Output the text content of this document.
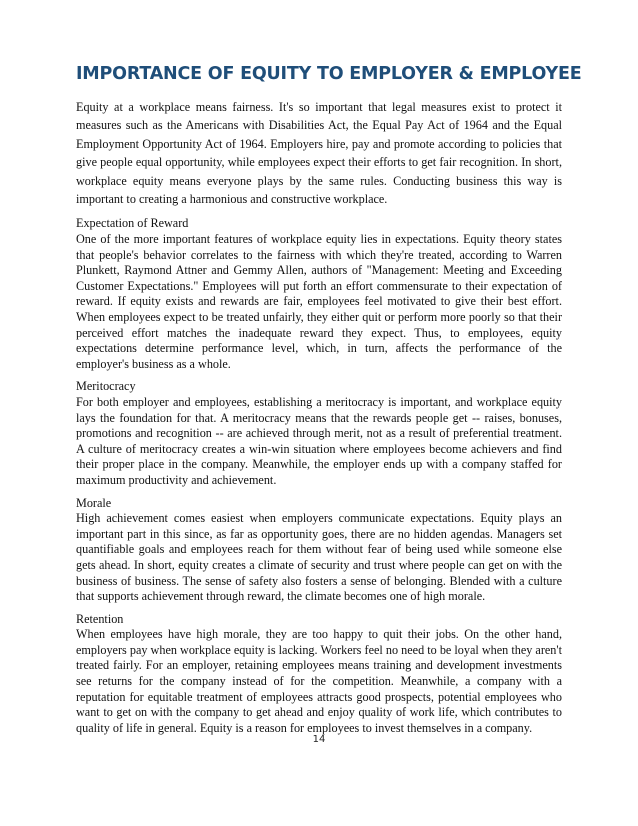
IMPORTANCE OF EQUITY TO EMPLOYER & EMPLOYEE

Equity at a workplace means fairness. It's so important that legal measures exist to protect it measures such as the Americans with Disabilities Act, the Equal Pay Act of 1964 and the Equal Employment Opportunity Act of 1964. Employers hire, pay and promote according to policies that give people equal opportunity, while employees expect their efforts to get fair recognition. In short, workplace equity means everyone plays by the same rules. Conducting business this way is important to creating a harmonious and constructive workplace.

Expectation of Reward

One of the more important features of workplace equity lies in expectations. Equity theory states that people's behavior correlates to the fairness with which they're treated, according to Warren Plunkett, Raymond Attner and Gemmy Allen, authors of "Management: Meeting and Exceeding Customer Expectations." Employees will put forth an effort commensurate to their expectation of reward. If equity exists and rewards are fair, employees feel motivated to give their best effort. When employees expect to be treated unfairly, they either quit or perform more poorly so that their perceived effort matches the inadequate reward they expect. Thus, to employees, equity expectations determine performance level, which, in turn, affects the performance of the employer's business as a whole.

Meritocracy

For both employer and employees, establishing a meritocracy is important, and workplace equity lays the foundation for that. A meritocracy means that the rewards people get -- raises, bonuses, promotions and recognition -- are achieved through merit, not as a result of preferential treatment. A culture of meritocracy creates a win-win situation where employees become achievers and find their proper place in the company. Meanwhile, the employer ends up with a company staffed for maximum productivity and achievement.

Morale

High achievement comes easiest when employers communicate expectations. Equity plays an important part in this since, as far as opportunity goes, there are no hidden agendas. Managers set quantifiable goals and employees reach for them without fear of being used while someone else gets ahead. In short, equity creates a climate of security and trust where people can get on with the business of business. The sense of safety also fosters a sense of belonging. Blended with a culture that supports achievement through reward, the climate becomes one of high morale.

Retention

When employees have high morale, they are too happy to quit their jobs. On the other hand, employers pay when workplace equity is lacking. Workers feel no need to be loyal when they aren't treated fairly. For an employer, retaining employees means training and development investments see returns for the company instead of for the competition. Meanwhile, a company with a reputation for equitable treatment of employees attracts good prospects, potential employees who want to get on with the company to get ahead and enjoy quality of work life, which contributes to quality of life in general. Equity is a reason for employees to invest themselves in a company.

14
